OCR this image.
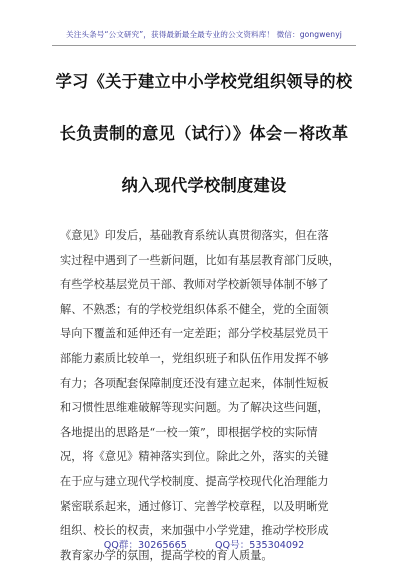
关注头条号“公文研究”，获得最新最全最专业的公文资料库！ 微信：gongwenyj
学习《关于建立中小学校党组织领导的校
长负责制的意见（试行）》体会－将改革
纳入现代学校制度建设
《意见》印发后，基础教育系统认真贯彻落实，但在落
实过程中遇到了一些新问题，比如有基层教育部门反映，
有些学校基层党员干部、教师对学校新领导体制不够了
解、不熟悉；有的学校党组织体系不健全，党的全面领
导向下覆盖和延伸还有一定差距；部分学校基层党员干
部能力素质比较单一，党组织班子和队伍作用发挥不够
有力；各项配套保障制度还没有建立起来，体制性短板
和习惯性思维难破解等现实问题。为了解决这些问题，
各地提出的思路是“一校一策”，即根据学校的实际情
况，将《意见》精神落实到位。除此之外，落实的关键
在于应与建立现代学校制度、提高学校现代化治理能力
紧密联系起来，通过修订、完善学校章程，以及明晰党
组织、校长的权责，来加强中小学党建，推动学校形成
教育家办学的氛围，提高学校的育人质量。
QQ群：30265665	QQ号：535304092
